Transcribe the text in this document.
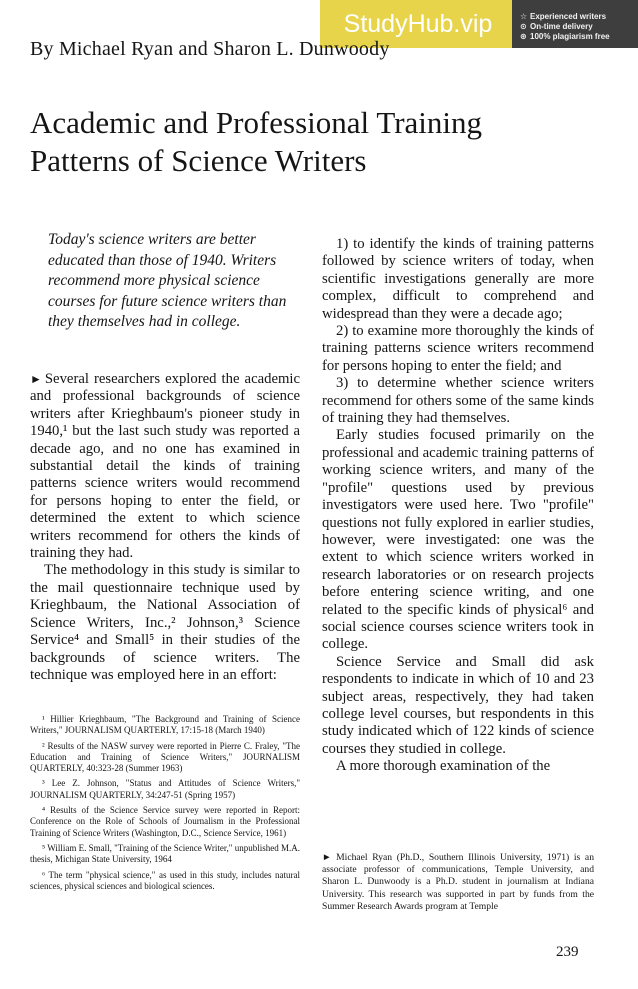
StudyHub.vip	☆ Experienced writers
⊙ On-time delivery
⊛ 100% plagiarism free
By Michael Ryan and Sharon L. Dunwoody
Academic and Professional Training
Patterns of Science Writers
Today's science writers are better educated than those of 1940. Writers recommend more physical science courses for future science writers than they themselves had in college.

► Several researchers explored the academic and professional backgrounds of science writers after Krieghbaum's pioneer study in 1940,¹ but the last such study was reported a decade ago, and no one has examined in substantial detail the kinds of training patterns science writers would recommend for persons hoping to enter the field, or determined the extent to which science writers recommend for others the kinds of training they had.

The methodology in this study is similar to the mail questionnaire technique used by Krieghbaum, the National Association of Science Writers, Inc.,² Johnson,³ Science Service⁴ and Small⁵ in their studies of the backgrounds of science writers. The technique was employed here in an effort:

¹ Hillier Krieghbaum, "The Background and Training of Science Writers," JOURNALISM QUARTERLY, 17:15-18 (March 1940)

² Results of the NASW survey were reported in Pierre C. Fraley, "The Education and Training of Science Writers," JOURNALISM QUARTERLY, 40:323-28 (Summer 1963)

³ Lee Z. Johnson, "Status and Attitudes of Science Writers," JOURNALISM QUARTERLY, 34:247-51 (Spring 1957)

⁴ Results of the Science Service survey were reported in Report: Conference on the Role of Schools of Journalism in the Professional Training of Science Writers (Washington, D.C., Science Service, 1961)

⁵ William E. Small, "Training of the Science Writer," unpublished M.A. thesis, Michigan State University, 1964

⁶ The term "physical science," as used in this study, includes natural sciences, physical sciences and biological sciences.

1) to identify the kinds of training patterns followed by science writers of today, when scientific investigations generally are more complex, difficult to comprehend and widespread than they were a decade ago;

2) to examine more thoroughly the kinds of training patterns science writers recommend for persons hoping to enter the field; and

3) to determine whether science writers recommend for others some of the same kinds of training they had themselves.

Early studies focused primarily on the professional and academic training patterns of working science writers, and many of the "profile" questions used by previous investigators were used here. Two "profile" questions not fully explored in earlier studies, however, were investigated: one was the extent to which science writers worked in research laboratories or on research projects before entering science writing, and one related to the specific kinds of physical⁶ and social science courses science writers took in college.

Science Service and Small did ask respondents to indicate in which of 10 and 23 subject areas, respectively, they had taken college level courses, but respondents in this study indicated which of 122 kinds of science courses they studied in college.

A more thorough examination of the

► Michael Ryan (Ph.D., Southern Illinois University, 1971) is an associate professor of communications, Temple University, and Sharon L. Dunwoody is a Ph.D. student in journalism at Indiana University. This research was supported in part by funds from the Summer Research Awards program at Temple

239
